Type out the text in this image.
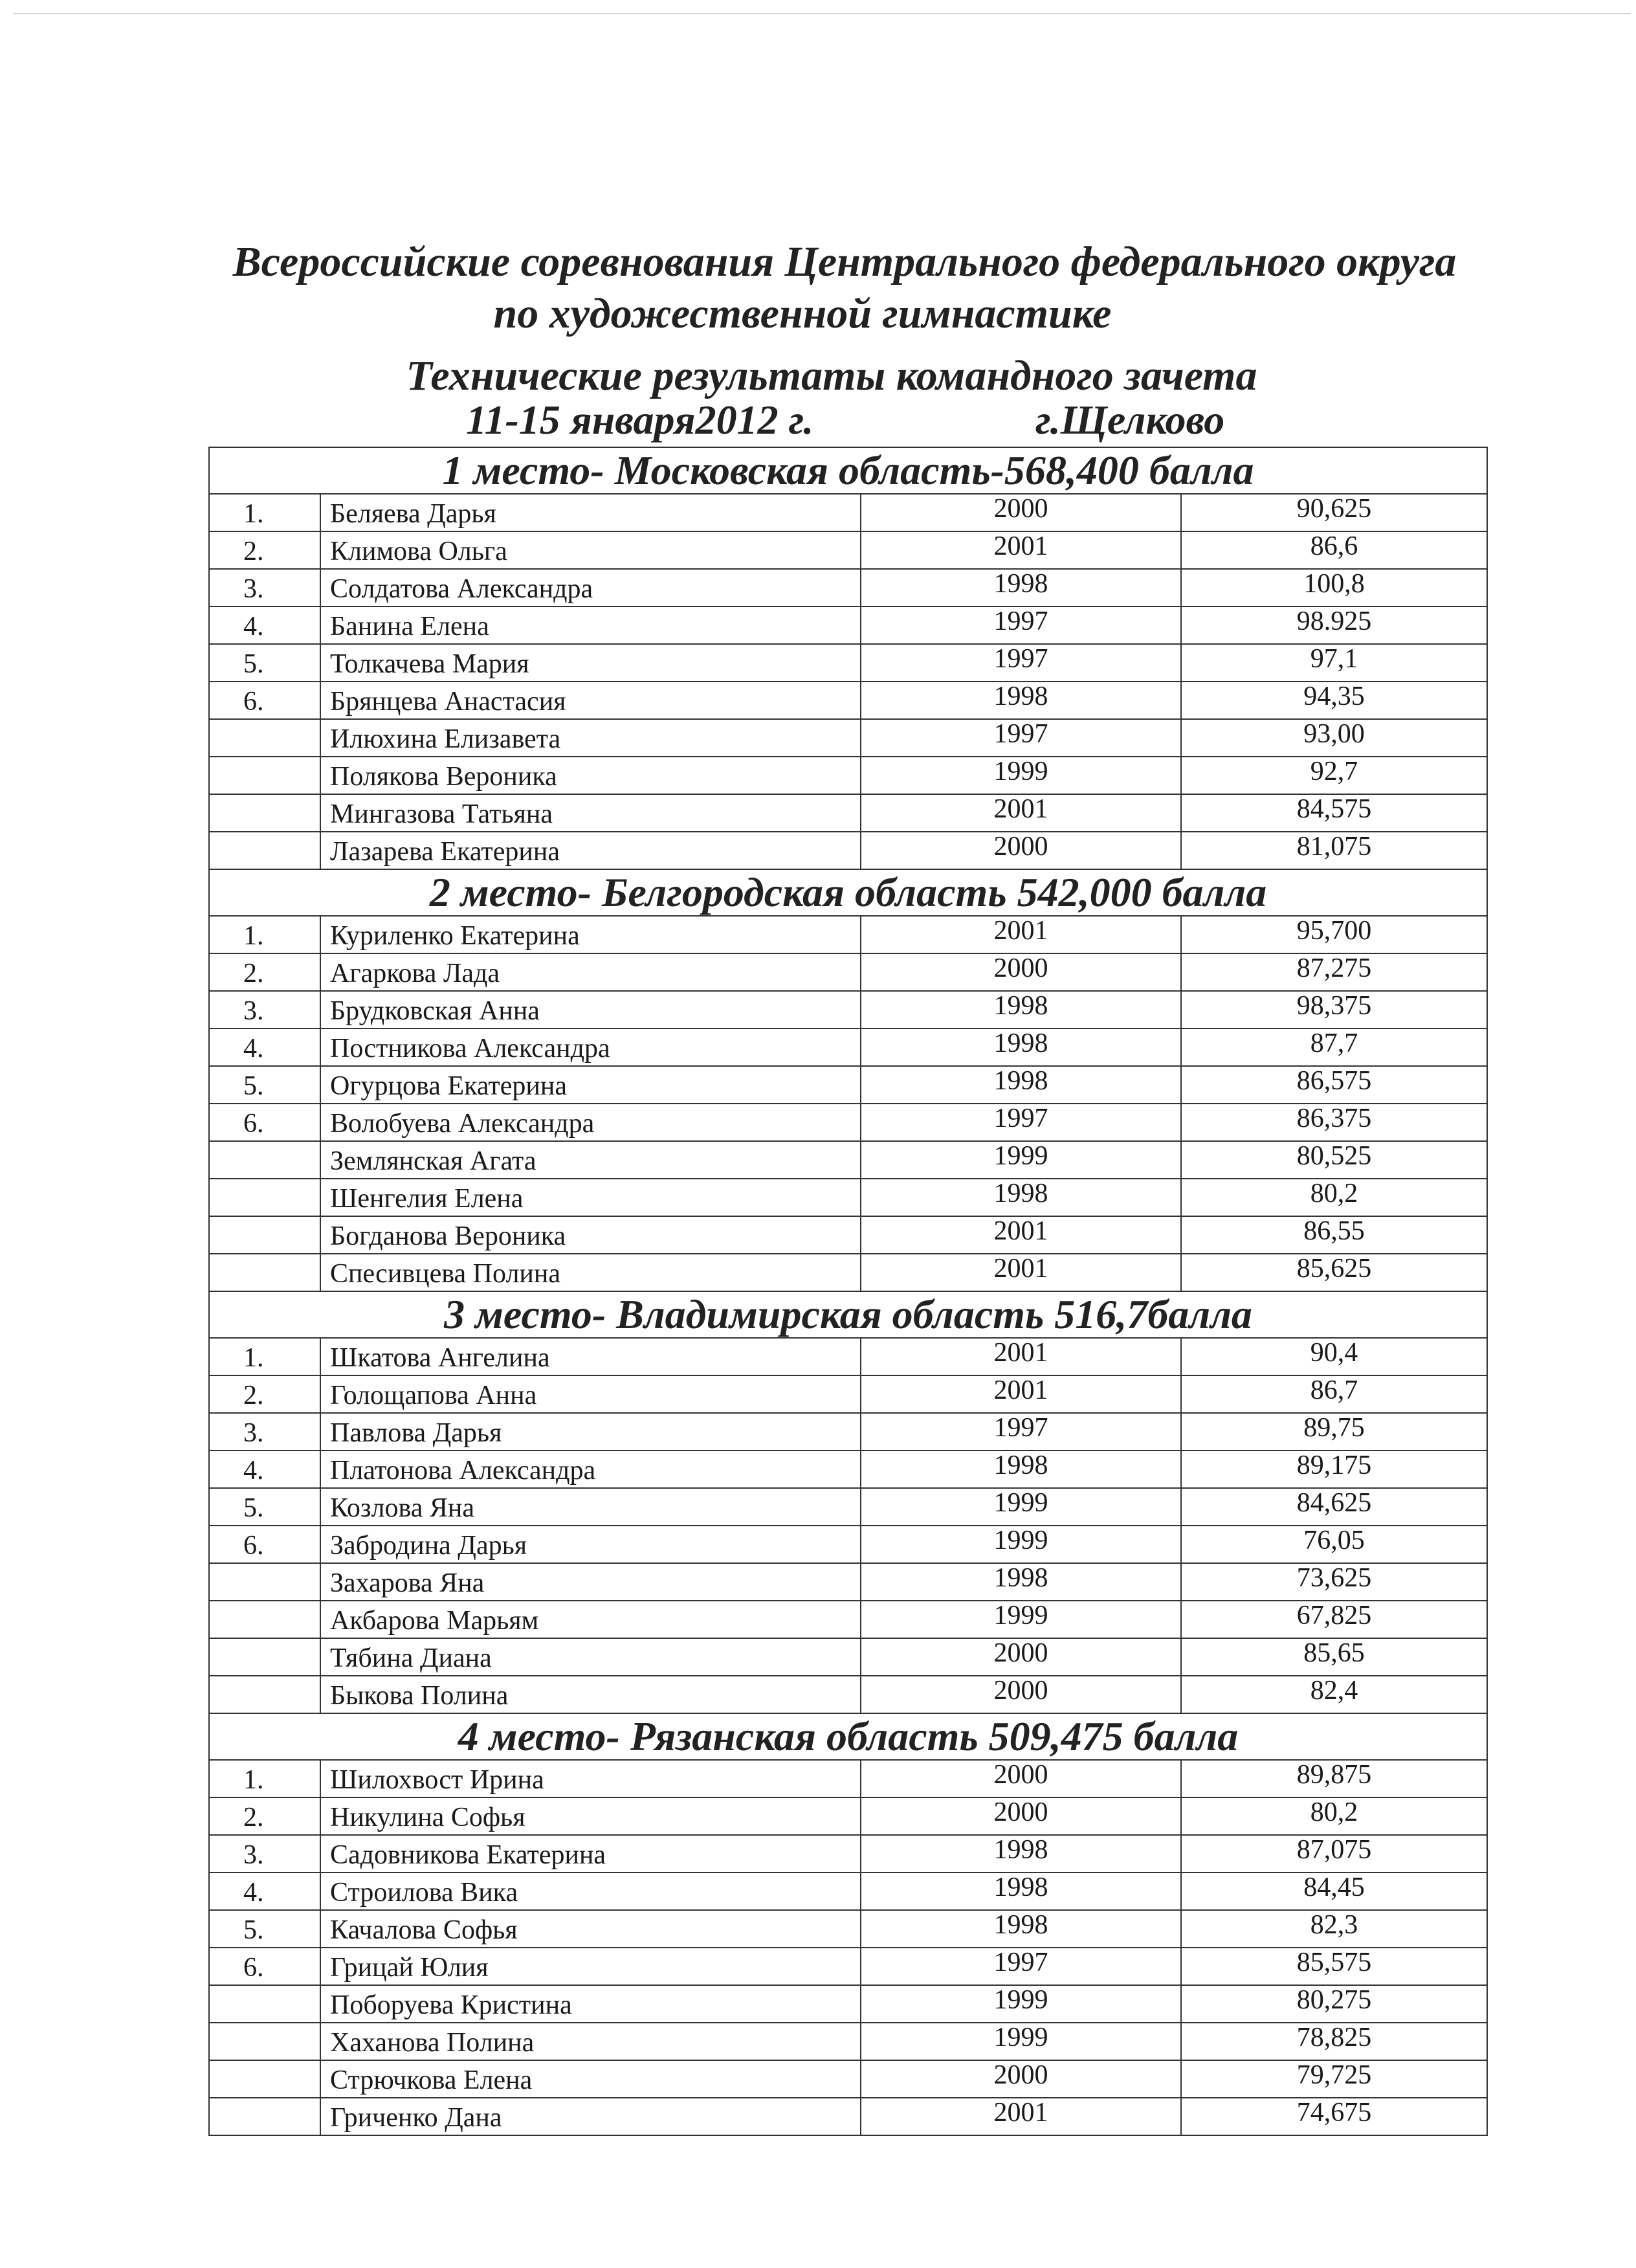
Всероссийские соревнования Центрального федерального округа
по художественной гимнастике
Технические результаты командного зачета
11-15 января2012 г.	г.Щелково
1 место- Московская область-568,400 балла			
1.	Беляева Дарья	2000	90,625
2.	Климова Ольга	2001	86,6
3.	Солдатова Александра	1998	100,8
4.	Банина Елена	1997	98.925
5.	Толкачева Мария	1997	97,1
6.	Брянцева Анастасия	1998	94,35
	Илюхина Елизавета	1997	93,00
	Полякова Вероника	1999	92,7
	Мингазова Татьяна	2001	84,575
	Лазарева Екатерина	2000	81,075
2 место- Белгородская область 542,000 балла			
1.	Куриленко Екатерина	2001	95,700
2.	Агаркова Лада	2000	87,275
3.	Брудковская Анна	1998	98,375
4.	Постникова Александра	1998	87,7
5.	Огурцова Екатерина	1998	86,575
6.	Волобуева Александра	1997	86,375
	Землянская Агата	1999	80,525
	Шенгелия Елена	1998	80,2
	Богданова Вероника	2001	86,55
	Спесивцева Полина	2001	85,625
3 место- Владимирская область 516,7балла			
1.	Шкатова Ангелина	2001	90,4
2.	Голощапова Анна	2001	86,7
3.	Павлова Дарья	1997	89,75
4.	Платонова Александра	1998	89,175
5.	Козлова Яна	1999	84,625
6.	Забродина Дарья	1999	76,05
	Захарова Яна	1998	73,625
	Акбарова Марьям	1999	67,825
	Тябина Диана	2000	85,65
	Быкова Полина	2000	82,4
4 место- Рязанская область 509,475 балла			
1.	Шилохвост Ирина	2000	89,875
2.	Никулина Софья	2000	80,2
3.	Садовникова Екатерина	1998	87,075
4.	Строилова Вика	1998	84,45
5.	Качалова Софья	1998	82,3
6.	Грицай Юлия	1997	85,575
	Поборуева Кристина	1999	80,275
	Хаханова Полина	1999	78,825
	Стрючкова Елена	2000	79,725
	Гриченко Дана	2001	74,675
